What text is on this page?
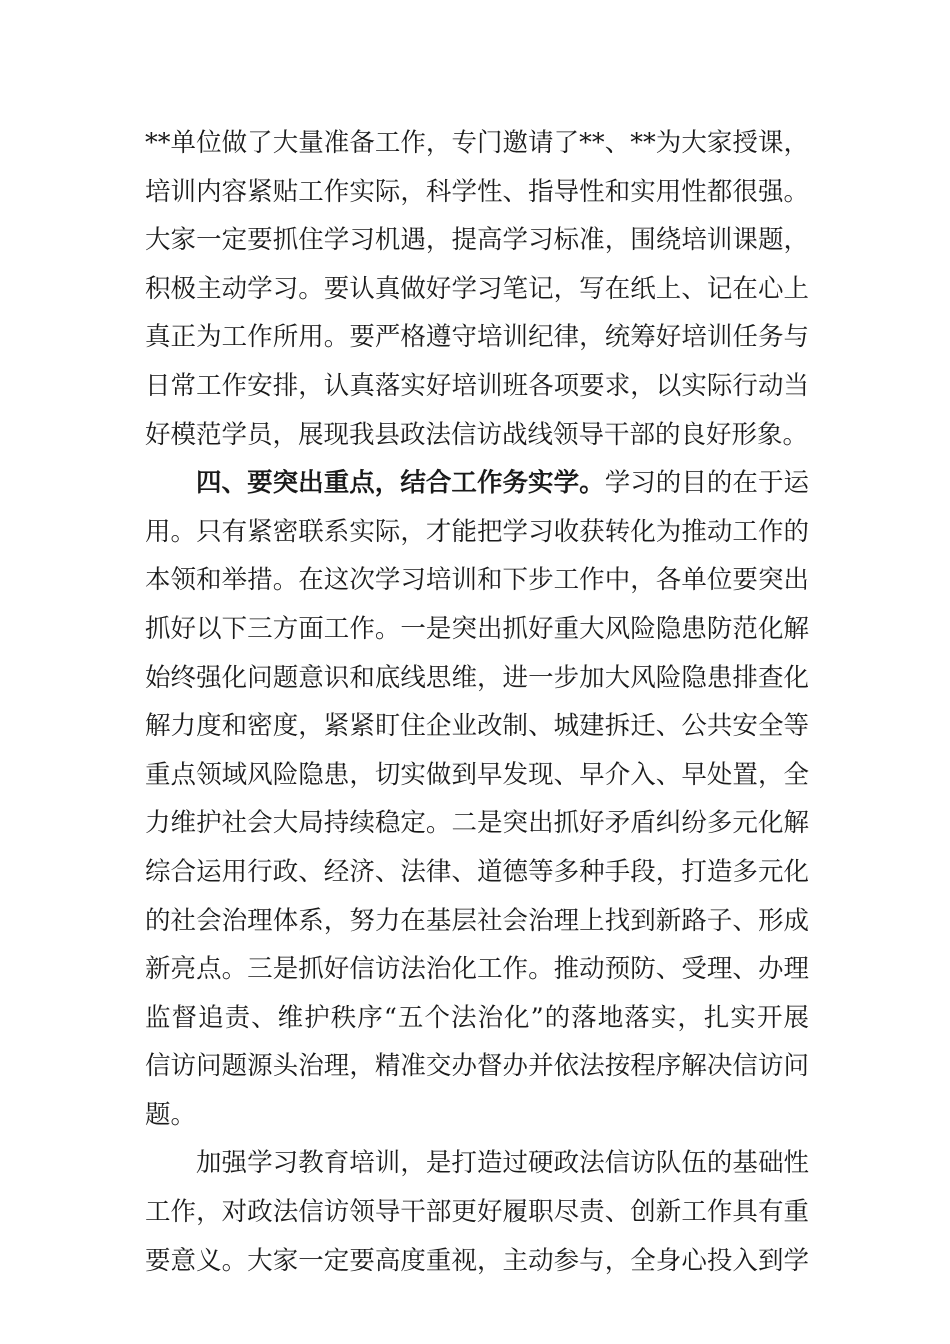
**单位做了大量准备工作，专门邀请了**、**为大家授课，
培训内容紧贴工作实际，科学性、指导性和实用性都很强。
大家一定要抓住学习机遇，提高学习标准，围绕培训课题，
积极主动学习。要认真做好学习笔记，写在纸上、记在心上
真正为工作所用。要严格遵守培训纪律，统筹好培训任务与
日常工作安排，认真落实好培训班各项要求，以实际行动当
好模范学员，展现我县政法信访战线领导干部的良好形象。
四、要突出重点，结合工作务实学。学习的目的在于运
用。只有紧密联系实际，才能把学习收获转化为推动工作的
本领和举措。在这次学习培训和下步工作中，各单位要突出
抓好以下三方面工作。一是突出抓好重大风险隐患防范化解
始终强化问题意识和底线思维，进一步加大风险隐患排查化
解力度和密度，紧紧盯住企业改制、城建拆迁、公共安全等
重点领域风险隐患，切实做到早发现、早介入、早处置，全
力维护社会大局持续稳定。二是突出抓好矛盾纠纷多元化解
综合运用行政、经济、法律、道德等多种手段，打造多元化
的社会治理体系，努力在基层社会治理上找到新路子、形成
新亮点。三是抓好信访法治化工作。推动预防、受理、办理
监督追责、维护秩序“五个法治化”的落地落实，扎实开展
信访问题源头治理，精准交办督办并依法按程序解决信访问
题。
加强学习教育培训，是打造过硬政法信访队伍的基础性
工作，对政法信访领导干部更好履职尽责、创新工作具有重
要意义。大家一定要高度重视，主动参与，全身心投入到学
